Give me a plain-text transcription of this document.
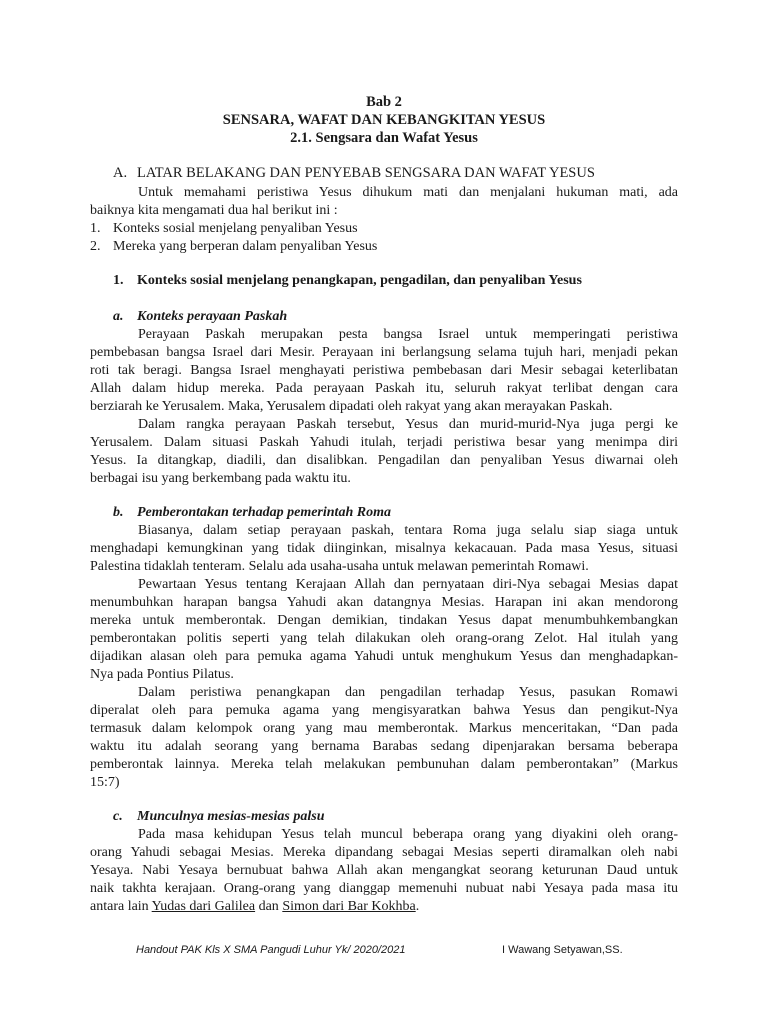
Bab 2
SENSARA, WAFAT DAN KEBANGKITAN YESUS
2.1. Sengsara dan Wafat Yesus
A. LATAR BELAKANG DAN PENYEBAB SENGSARA DAN WAFAT YESUS
Untuk memahami peristiwa Yesus dihukum mati dan menjalani hukuman mati, ada
baiknya kita mengamati dua hal berikut ini :
1. Konteks sosial menjelang penyaliban Yesus
2. Mereka yang berperan dalam penyaliban Yesus
1. Konteks sosial menjelang penangkapan, pengadilan, dan penyaliban Yesus
a. Konteks perayaan Paskah
Perayaan Paskah merupakan pesta bangsa Israel untuk memperingati peristiwa
pembebasan bangsa Israel dari Mesir. Perayaan ini berlangsung selama tujuh hari, menjadi pekan
roti tak beragi. Bangsa Israel menghayati peristiwa pembebasan dari Mesir sebagai keterlibatan
Allah dalam hidup mereka. Pada perayaan Paskah itu, seluruh rakyat terlibat dengan cara
berziarah ke Yerusalem. Maka, Yerusalem dipadati oleh rakyat yang akan merayakan Paskah.
Dalam rangka perayaan Paskah tersebut, Yesus dan murid-murid-Nya juga pergi ke
Yerusalem. Dalam situasi Paskah Yahudi itulah, terjadi peristiwa besar yang menimpa diri
Yesus. Ia ditangkap, diadili, dan disalibkan. Pengadilan dan penyaliban Yesus diwarnai oleh
berbagai isu yang berkembang pada waktu itu.
b. Pemberontakan terhadap pemerintah Roma
Biasanya, dalam setiap perayaan paskah, tentara Roma juga selalu siap siaga untuk
menghadapi kemungkinan yang tidak diinginkan, misalnya kekacauan. Pada masa Yesus, situasi
Palestina tidaklah tenteram. Selalu ada usaha-usaha untuk melawan pemerintah Romawi.
Pewartaan Yesus tentang Kerajaan Allah dan pernyataan diri-Nya sebagai Mesias dapat
menumbuhkan harapan bangsa Yahudi akan datangnya Mesias. Harapan ini akan mendorong
mereka untuk memberontak. Dengan demikian, tindakan Yesus dapat menumbuhkembangkan
pemberontakan politis seperti yang telah dilakukan oleh orang-orang Zelot. Hal itulah yang
dijadikan alasan oleh para pemuka agama Yahudi untuk menghukum Yesus dan menghadapkan-
Nya pada Pontius Pilatus.
Dalam peristiwa penangkapan dan pengadilan terhadap Yesus, pasukan Romawi
diperalat oleh para pemuka agama yang mengisyaratkan bahwa Yesus dan pengikut-Nya
termasuk dalam kelompok orang yang mau memberontak. Markus menceritakan, “Dan pada
waktu itu adalah seorang yang bernama Barabas sedang dipenjarakan bersama beberapa
pemberontak lainnya. Mereka telah melakukan pembunuhan dalam pemberontakan” (Markus
15:7)
c. Munculnya mesias-mesias palsu
Pada masa kehidupan Yesus telah muncul beberapa orang yang diyakini oleh orang-
orang Yahudi sebagai Mesias. Mereka dipandang sebagai Mesias seperti diramalkan oleh nabi
Yesaya. Nabi Yesaya bernubuat bahwa Allah akan mengangkat seorang keturunan Daud untuk
naik takhta kerajaan. Orang-orang yang dianggap memenuhi nubuat nabi Yesaya pada masa itu
antara lain Yudas dari Galilea dan Simon dari Bar Kokhba.
Handout PAK Kls X SMA Pangudi Luhur Yk/ 2020/2021	I Wawang Setyawan,SS.
